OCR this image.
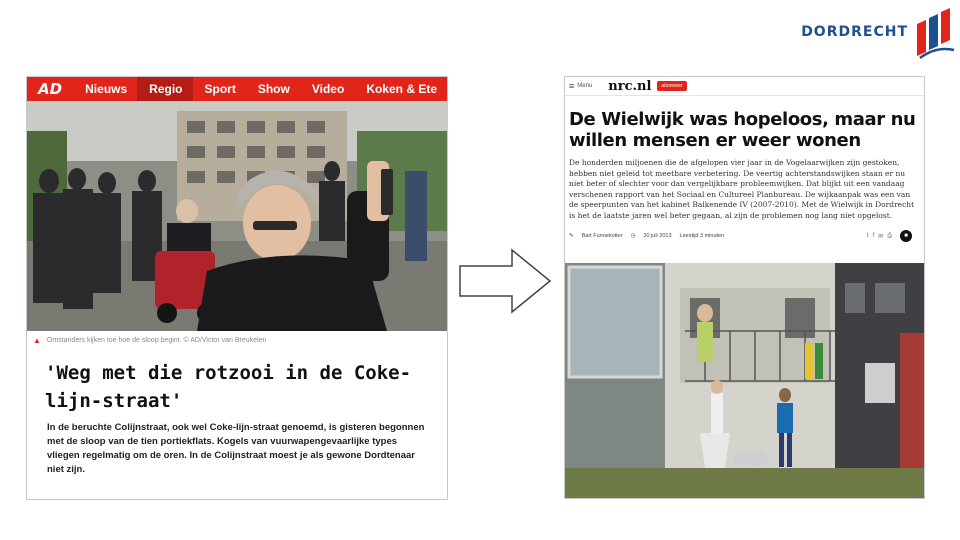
DORDRECHT
AD	Nieuws	Regio	Sport	Show	Video	Koken & Ete
▲ Omstanders kijken toe hoe de sloop begint. © AD/Victor van Breukelen
'Weg met die rotzooi in de Coke-lijn-straat'
In de beruchte Colijnstraat, ook wel Coke-lijn-straat genoemd, is gisteren begonnen met de sloop van de tien portiekflats. Kogels van vuurwapengevaarlijke types vliegen regelmatig om de oren. In de Colijnstraat moest je als gewone Dordtenaar niet zijn.
≡ Menu nrc.nl	abonneer
De Wielwijk was hopeloos, maar nu willen mensen er weer wonen
De honderden miljoenen die de afgelopen vier jaar in de Vogelaarwijken zijn gestoken, hebben niet geleid tot meetbare verbetering. De veertig achterstandswijken staan er nu niet beter of slechter voor dan vergelijkbare probleemwijken. Dat blijkt uit een vandaag verschenen rapport van het Sociaal en Cultureel Planbureau. De wijkaanpak was een van de speerpunten van het kabinet Balkenende IV (2007-2010). Met de Wielwijk in Dordrecht is het de laatste jaren wel beter gegaan, al zijn de problemen nog lang niet opgelost.
✎ Bart Funnekotter ◷ 30 juli 2013 Leestijd 3 minuten	t f ✉ ⎙	■
